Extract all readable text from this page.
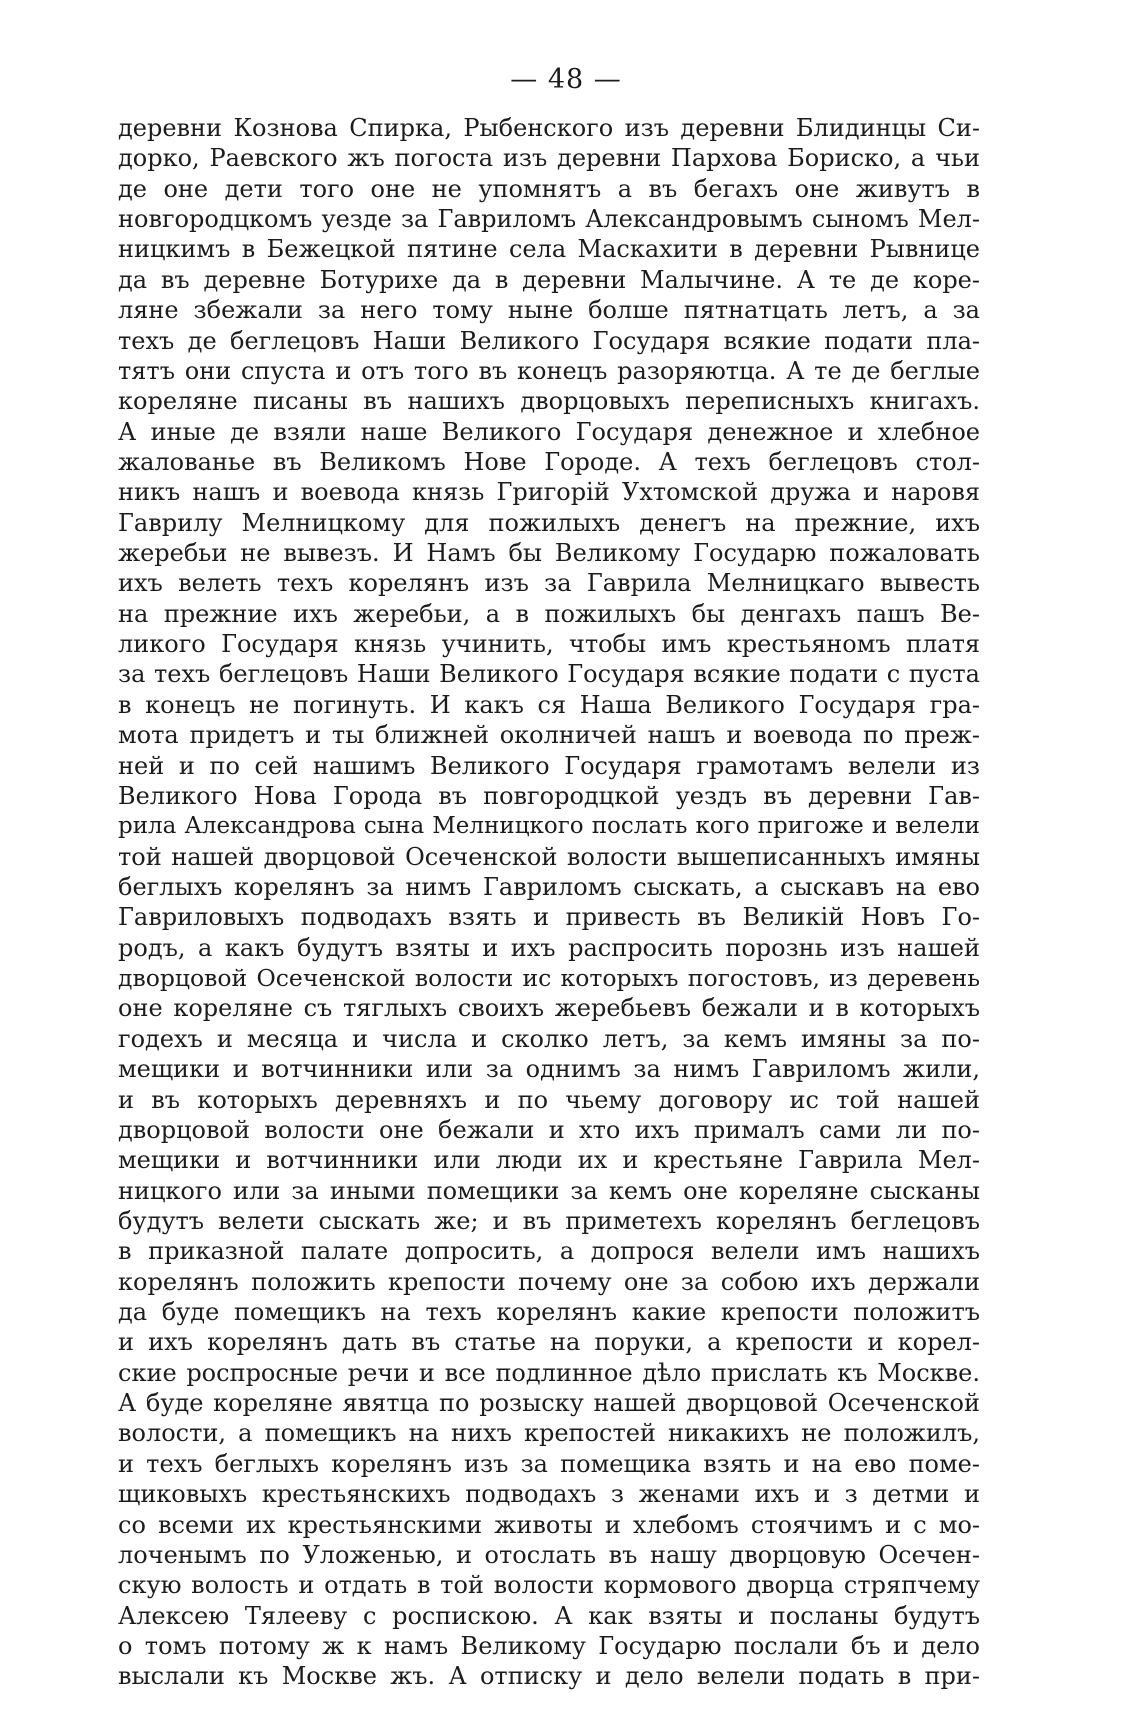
— 48 —
деревни Кознова Спирка, Рыбенского изъ деревни Блидинцы Си-
дорко, Раевского жъ погоста изъ деревни Пархова Бориско, а чьи
де оне дети того оне не упомнятъ а въ бегахъ оне живутъ в
новгородцкомъ уезде за Гавриломъ Александровымъ сыномъ Мел-
ницкимъ в Бежецкой пятине села Маскахити в деревни Рывнице
да въ деревне Ботурихе да в деревни Малычине. А те де коре-
ляне збежали за него тому ныне болше пятнатцать летъ, а за
техъ де беглецовъ Наши Великого Государя всякие подати пла-
тятъ они спуста и отъ того въ конецъ разоряютца. А те де беглые
кореляне писаны въ нашихъ дворцовыхъ переписныхъ книгахъ.
А иные де взяли наше Великого Государя денежное и хлебное
жалованье въ Великомъ Нове Городе. А техъ беглецовъ стол-
никъ нашъ и воевода князь Григорій Ухтомской дружа и наровя
Гаврилу Мелницкому для пожилыхъ денегъ на прежние, ихъ
жеребьи не вывезъ. И Намъ бы Великому Государю пожаловать
ихъ велеть техъ корелянъ изъ за Гаврила Мелницкаго вывесть
на прежние ихъ жеребьи, а в пожилыхъ бы денгахъ пашъ Ве-
ликого Государя князь учинить, чтобы имъ крестьяномъ платя
за техъ беглецовъ Наши Великого Государя всякие подати с пуста
в конецъ не погинуть. И какъ ся Наша Великого Государя гра-
мота придетъ и ты ближней околничей нашъ и воевода по преж-
ней и по сей нашимъ Великого Государя грамотамъ велели из
Великого Нова Города въ повгородцкой уездъ въ деревни Гав-
рила Александрова сына Мелницкого послать кого пригоже и велели
той нашей дворцовой Осеченской волости вышеписанныхъ имяны
беглыхъ корелянъ за нимъ Гавриломъ сыскать, а сыскавъ на ево
Гавриловыхъ подводахъ взять и привесть въ Великій Новъ Го-
родъ, а какъ будутъ взяты и ихъ распросить порознь изъ нашей
дворцовой Осеченской волости ис которыхъ погостовъ, из деревень
оне кореляне съ тяглыхъ своихъ жеребьевъ бежали и в которыхъ
годехъ и месяца и числа и сколко летъ, за кемъ имяны за по-
мещики и вотчинники или за однимъ за нимъ Гавриломъ жили,
и въ которыхъ деревняхъ и по чьему договору ис той нашей
дворцовой волости оне бежали и хто ихъ прималъ сами ли по-
мещики и вотчинники или люди их и крестьяне Гаврила Мел-
ницкого или за иными помещики за кемъ оне кореляне сысканы
будутъ велети сыскать же; и въ приметехъ корелянъ беглецовъ
в приказной палате допросить, а допрося велели имъ нашихъ
корелянъ положить крепости почему оне за собою ихъ держали
да буде помещикъ на техъ корелянъ какие крепости положитъ
и ихъ корелянъ дать въ статье на поруки, а крепости и корел-
ские роспросные речи и все подлинное дѣло прислать къ Москве.
А буде кореляне явятца по розыску нашей дворцовой Осеченской
волости, а помещикъ на нихъ крепостей никакихъ не положилъ,
и техъ беглыхъ корелянъ изъ за помещика взять и на ево поме-
щиковыхъ крестьянскихъ подводахъ з женами ихъ и з детми и
со всеми их крестьянскими животы и хлебомъ стоячимъ и с мо-
лоченымъ по Уложенью, и отослать въ нашу дворцовую Осечен-
скую волость и отдать в той волости кормового дворца стряпчему
Алексею Тялееву с роспискою. А как взяты и посланы будутъ
о томъ потому ж к намъ Великому Государю послали бъ и дело
выслали къ Москве жъ. А отписку и дело велели подать в при-
